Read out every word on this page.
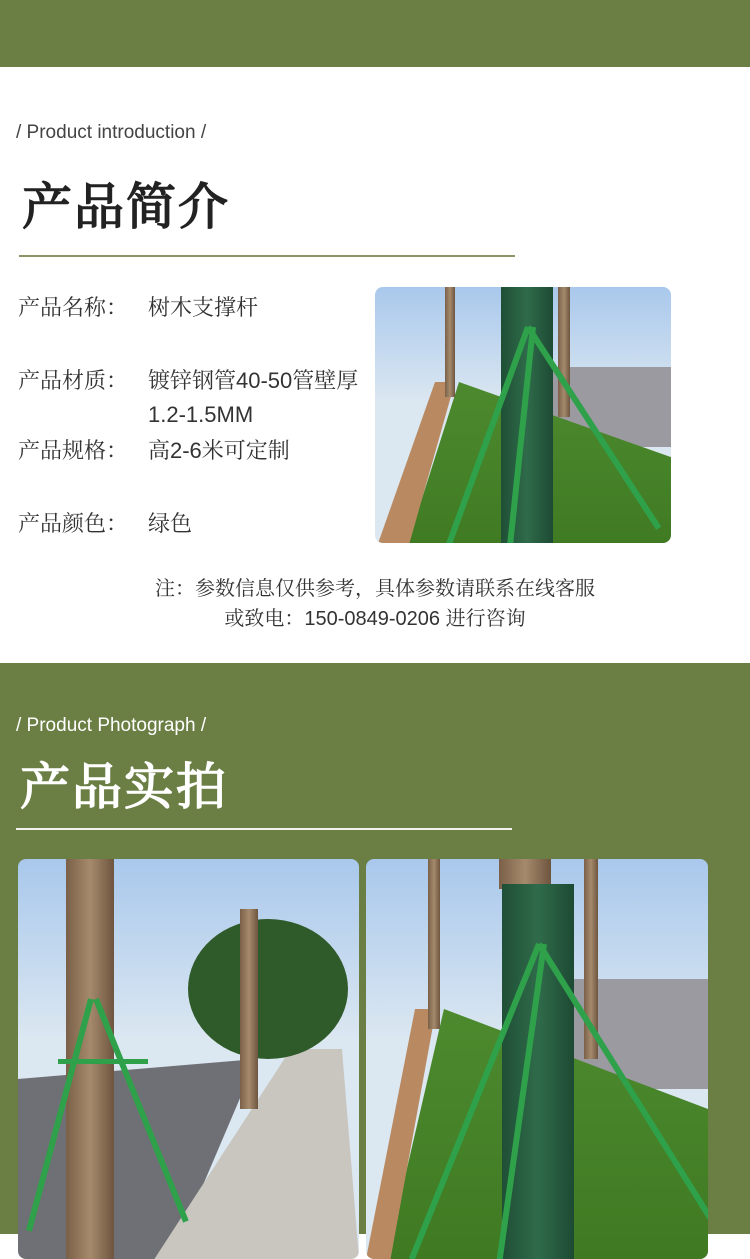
/ Product introduction /
产品简介
产品名称： 树木支撑杆
产品材质： 镀锌钢管40-50管壁厚1.2-1.5MM
产品规格： 高2-6米可定制
产品颜色： 绿色
注：参数信息仅供参考，具体参数请联系在线客服
或致电：150-0849-0206 进行咨询
/ Product Photograph /
产品实拍
